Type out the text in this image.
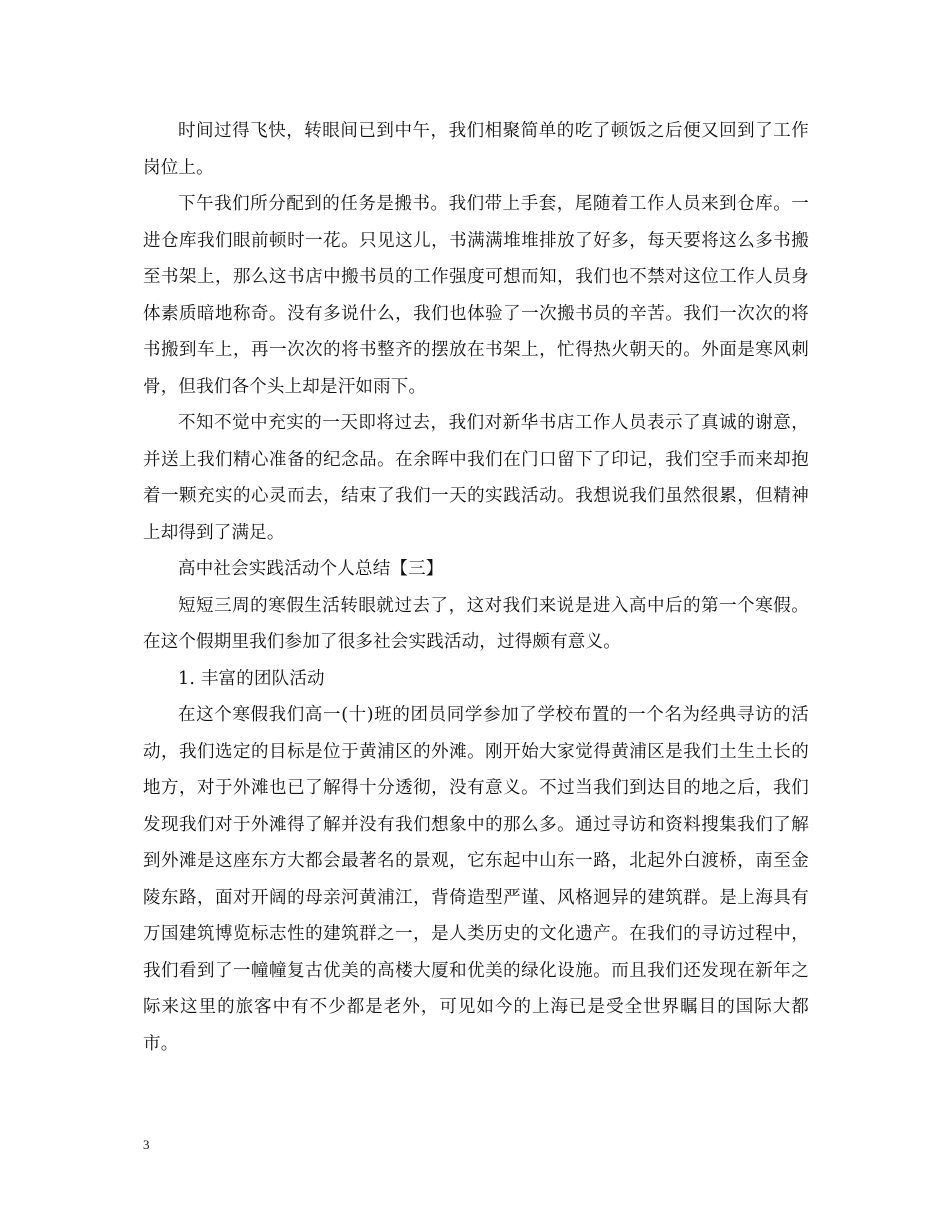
时间过得飞快，转眼间已到中午，我们相聚简单的吃了顿饭之后便又回到了工作岗位上。

下午我们所分配到的任务是搬书。我们带上手套，尾随着工作人员来到仓库。一进仓库我们眼前顿时一花。只见这儿，书满满堆堆排放了好多，每天要将这么多书搬至书架上，那么这书店中搬书员的工作强度可想而知，我们也不禁对这位工作人员身体素质暗地称奇。没有多说什么，我们也体验了一次搬书员的辛苦。我们一次次的将书搬到车上，再一次次的将书整齐的摆放在书架上，忙得热火朝天的。外面是寒风刺骨，但我们各个头上却是汗如雨下。

不知不觉中充实的一天即将过去，我们对新华书店工作人员表示了真诚的谢意，并送上我们精心准备的纪念品。在余晖中我们在门口留下了印记，我们空手而来却抱着一颗充实的心灵而去，结束了我们一天的实践活动。我想说我们虽然很累，但精神上却得到了满足。

高中社会实践活动个人总结【三】

短短三周的寒假生活转眼就过去了，这对我们来说是进入高中后的第一个寒假。在这个假期里我们参加了很多社会实践活动，过得颇有意义。

1. 丰富的团队活动

在这个寒假我们高一(十)班的团员同学参加了学校布置的一个名为经典寻访的活动，我们选定的目标是位于黄浦区的外滩。刚开始大家觉得黄浦区是我们土生土长的地方，对于外滩也已了解得十分透彻，没有意义。不过当我们到达目的地之后，我们发现我们对于外滩得了解并没有我们想象中的那么多。通过寻访和资料搜集我们了解到外滩是这座东方大都会最著名的景观，它东起中山东一路，北起外白渡桥，南至金陵东路，面对开阔的母亲河黄浦江，背倚造型严谨、风格迥异的建筑群。是上海具有万国建筑博览标志性的建筑群之一，是人类历史的文化遗产。在我们的寻访过程中，我们看到了一幢幢复古优美的高楼大厦和优美的绿化设施。而且我们还发现在新年之际来这里的旅客中有不少都是老外，可见如今的上海已是受全世界瞩目的国际大都市。

3
